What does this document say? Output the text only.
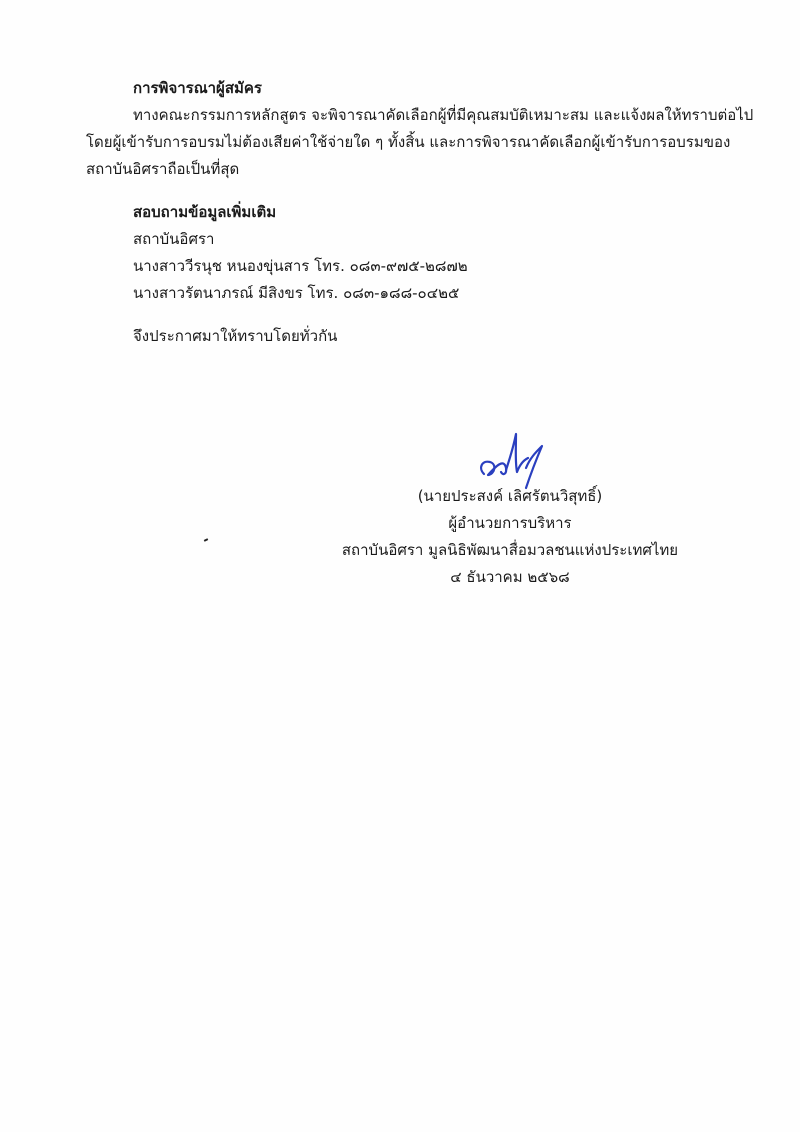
การพิจารณาผู้สมัคร
ทางคณะกรรมการหลักสูตร จะพิจารณาคัดเลือกผู้ที่มีคุณสมบัติเหมาะสม และแจ้งผลให้ทราบต่อไป
โดยผู้เข้ารับการอบรมไม่ต้องเสียค่าใช้จ่ายใด ๆ ทั้งสิ้น และการพิจารณาคัดเลือกผู้เข้ารับการอบรมของ
สถาบันอิศราถือเป็นที่สุด
สอบถามข้อมูลเพิ่มเติม
สถาบันอิศรา
นางสาววีรนุช หนองขุ่นสาร โทร. ๐๘๓-๙๗๕-๒๘๗๒
นางสาวรัตนาภรณ์ มีสิงขร โทร. ๐๘๓-๑๘๘-๐๔๒๕
จึงประกาศมาให้ทราบโดยทั่วกัน
(นายประสงค์ เลิศรัตนวิสุทธิ์)
ผู้อำนวยการบริหาร
สถาบันอิศรา มูลนิธิพัฒนาสื่อมวลชนแห่งประเทศไทย
๔ ธันวาคม ๒๕๖๘
